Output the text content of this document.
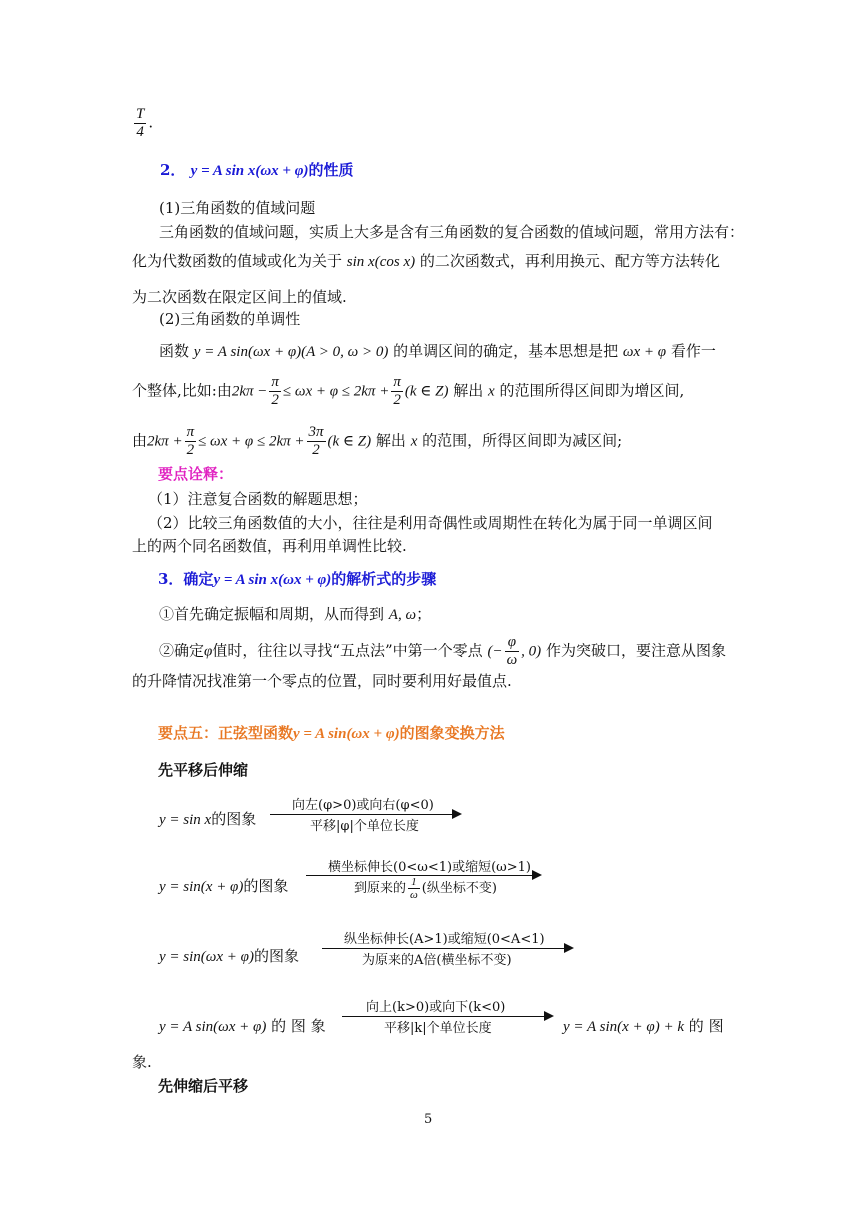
$\frac{T}{4}$ .
2． y = A sin x(ωx + φ)的性质
(1)三角函数的值域问题
三角函数的值域问题，实质上大多是含有三角函数的复合函数的值域问题，常用方法有：
化为代数函数的值域或化为关于 sin x(cos x) 的二次函数式，再利用换元、配方等方法转化
为二次函数在限定区间上的值域.
(2)三角函数的单调性
函数 y = A sin(ωx + φ)(A > 0, ω > 0) 的单调区间的确定，基本思想是把 ωx + φ 看作一
个整体,比如:由$2k\pi - \frac{\pi}{2} \le \omega x + \varphi \le 2k\pi + \frac{\pi}{2} (k$ ∈ Z) 解出 x 的范围所得区间即为增区间,
由$2k\pi + \frac{\pi}{2} \le \omega x + \varphi \le 2k\pi + \frac{3\pi}{2} (k$ ∈ Z) 解出 x 的范围，所得区间即为减区间;
要点诠释：
（1）注意复合函数的解题思想；
（2）比较三角函数值的大小，往往是利用奇偶性或周期性在转化为属于同一单调区间
上的两个同名函数值，再利用单调性比较.
3．确定y = A sin x(ωx + φ)的解析式的步骤
①首先确定振幅和周期，从而得到 A, ω；
②确定φ值时，往往以寻找“五点法”中第一个零点 (− $\frac{\varphi}{\omega}$ , 0) 作为突破口，要注意从图象
的升降情况找准第一个零点的位置，同时要利用好最值点.
要点五：正弦型函数y = A sin(ωx + φ)的图象变换方法
先平移后伸缩
y = sin x的图象
向左(φ>0)或向右(φ<0)
平移|φ|个单位长度
y = sin(x + φ)的图象
横坐标伸长(0<ω<1)或缩短(ω>1)
到原来的 $\frac{1}{\omega}$ (纵坐标不变)
y = sin(ωx + φ)的图象
纵坐标伸长(A>1)或缩短(0<A<1)
为原来的A倍(横坐标不变)
y = A sin(ωx + φ) 的 图 象
向上(k>0)或向下(k<0)
平移|k|个单位长度	y = A sin(x + φ) + k 的 图
象.
先伸缩后平移
5
